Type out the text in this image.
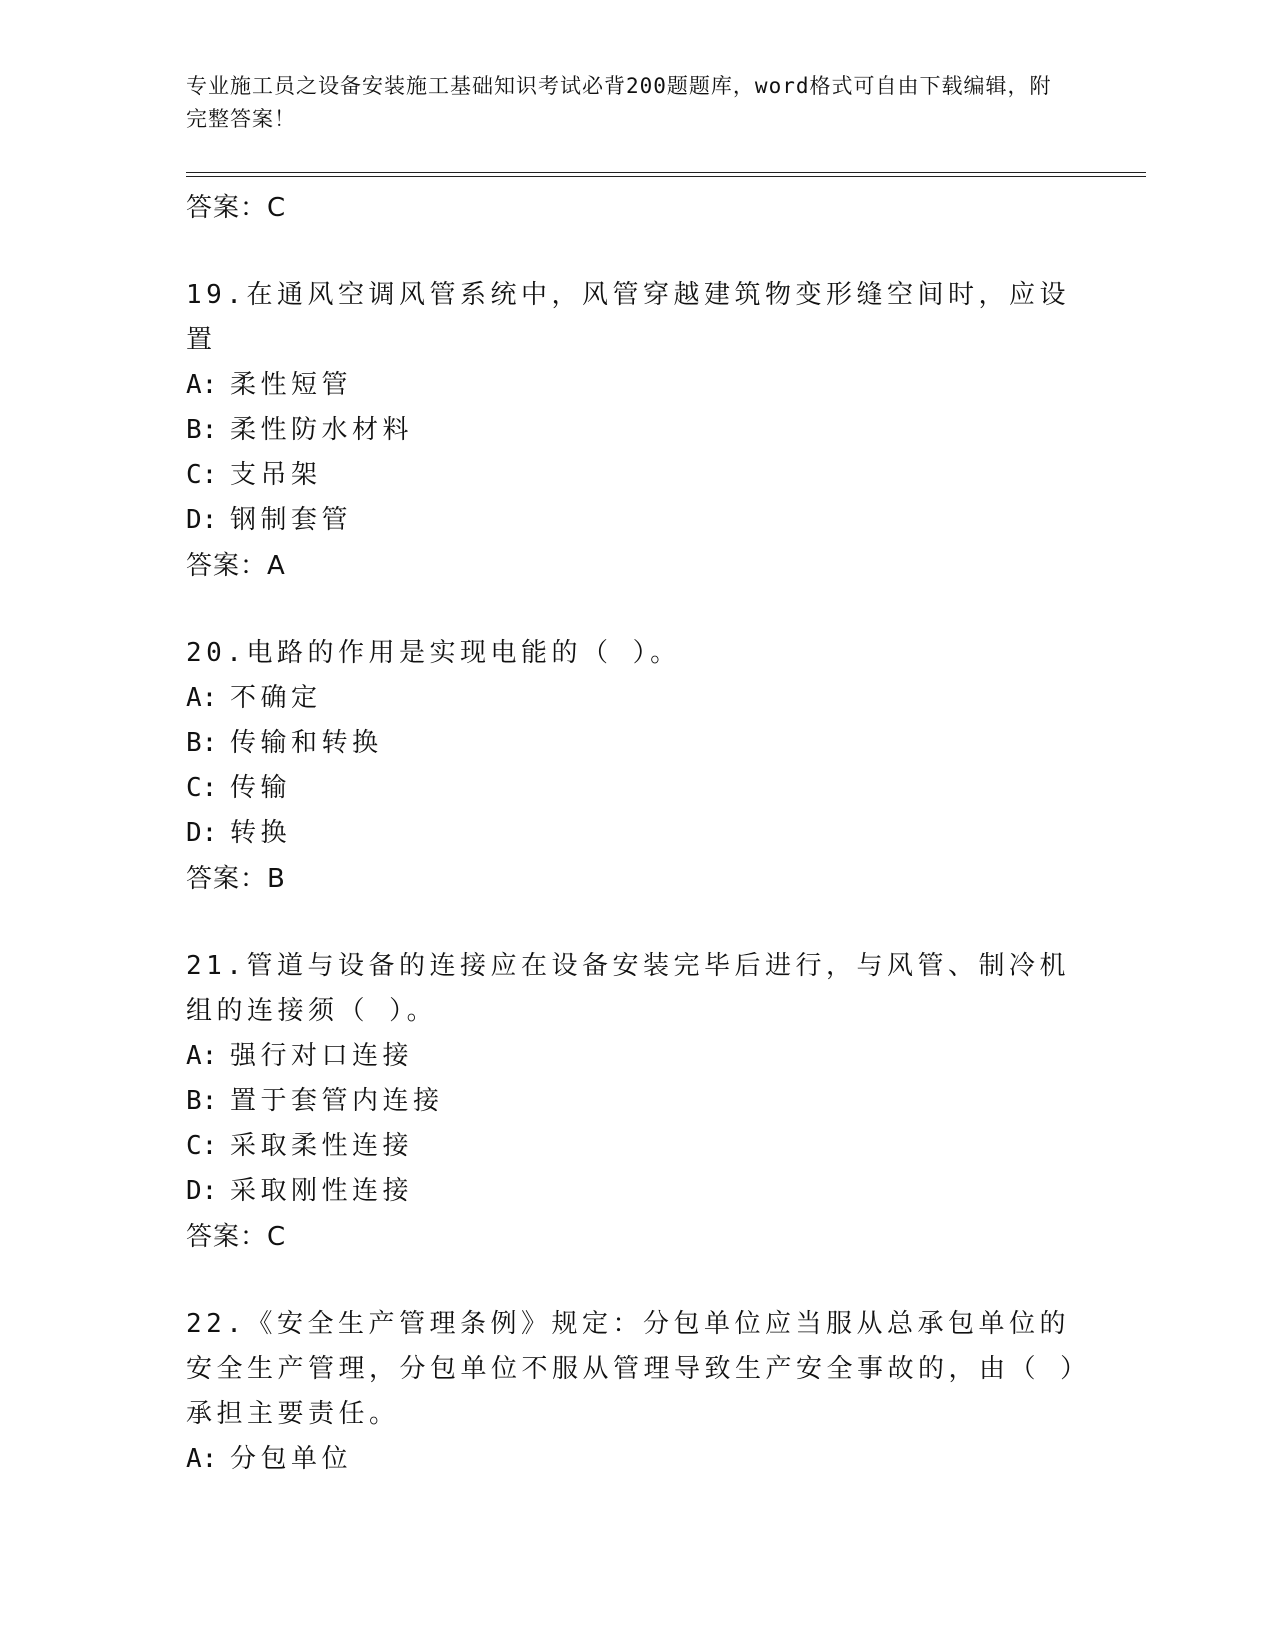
专业施工员之设备安装施工基础知识考试必背200题题库，word格式可自由下载编辑，附完整答案！
答案：C
19.在通风空调风管系统中，风管穿越建筑物变形缝空间时，应设置
A: 柔性短管
B: 柔性防水材料
C: 支吊架
D: 钢制套管
答案：A
20.电路的作用是实现电能的（ ）。
A: 不确定
B: 传输和转换
C: 传输
D: 转换
答案：B
21.管道与设备的连接应在设备安装完毕后进行，与风管、制冷机组的连接须（ ）。
A: 强行对口连接
B: 置于套管内连接
C: 采取柔性连接
D: 采取刚性连接
答案：C
22.《安全生产管理条例》规定：分包单位应当服从总承包单位的安全生产管理，分包单位不服从管理导致生产安全事故的，由（ ）承担主要责任。
A: 分包单位
